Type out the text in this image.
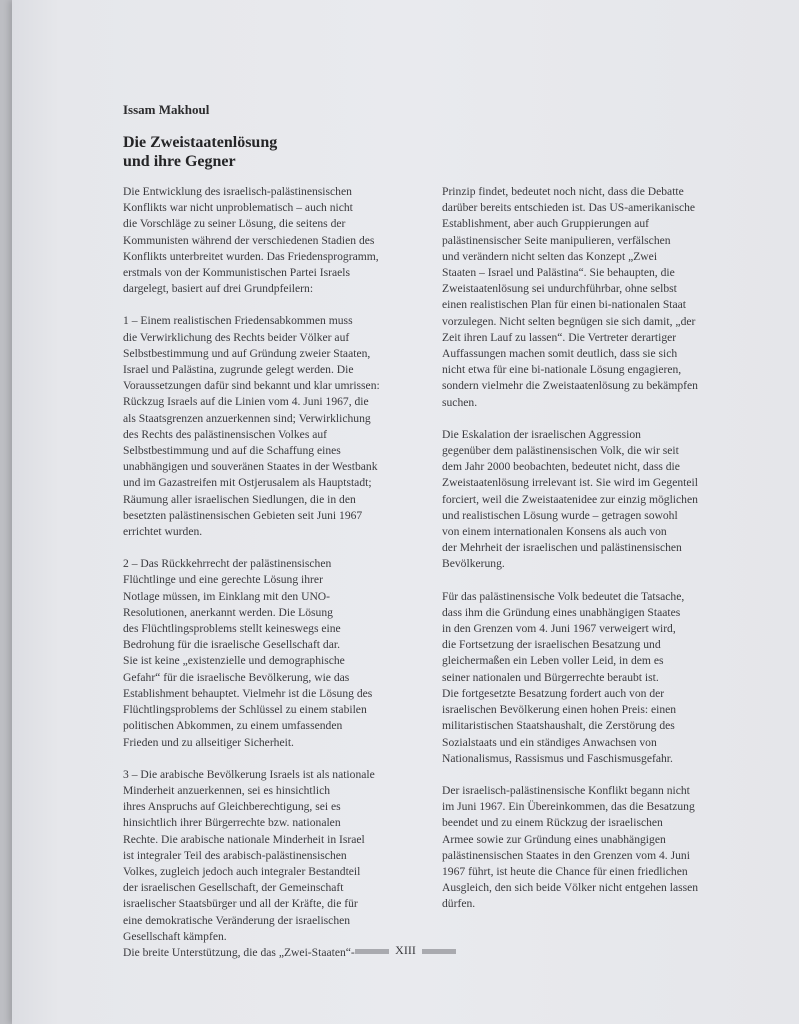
Issam Makhoul
Die Zweistaatenlösung
und ihre Gegner

Die Entwicklung des israelisch-palästinensischen
Konflikts war nicht unproblematisch – auch nicht
die Vorschläge zu seiner Lösung, die seitens der
Kommunisten während der verschiedenen Stadien des
Konflikts unterbreitet wurden. Das Friedensprogramm,
erstmals von der Kommunistischen Partei Israels
dargelegt, basiert auf drei Grundpfeilern:

1 – Einem realistischen Friedensabkommen muss
die Verwirklichung des Rechts beider Völker auf
Selbstbestimmung und auf Gründung zweier Staaten,
Israel und Palästina, zugrunde gelegt werden. Die
Voraussetzungen dafür sind bekannt und klar umrissen:
Rückzug Israels auf die Linien vom 4. Juni 1967, die
als Staatsgrenzen anzuerkennen sind; Verwirklichung
des Rechts des palästinensischen Volkes auf
Selbstbestimmung und auf die Schaffung eines
unabhängigen und souveränen Staates in der Westbank
und im Gazastreifen mit Ostjerusalem als Hauptstadt;
Räumung aller israelischen Siedlungen, die in den
besetzten palästinensischen Gebieten seit Juni 1967
errichtet wurden.

2 – Das Rückkehrrecht der palästinensischen
Flüchtlinge und eine gerechte Lösung ihrer
Notlage müssen, im Einklang mit den UNO-
Resolutionen, anerkannt werden. Die Lösung
des Flüchtlingsproblems stellt keineswegs eine
Bedrohung für die israelische Gesellschaft dar.
Sie ist keine „existenzielle und demographische
Gefahr“ für die israelische Bevölkerung, wie das
Establishment behauptet. Vielmehr ist die Lösung des
Flüchtlingsproblems der Schlüssel zu einem stabilen
politischen Abkommen, zu einem umfassenden
Frieden und zu allseitiger Sicherheit.

3 – Die arabische Bevölkerung Israels ist als nationale
Minderheit anzuerkennen, sei es hinsichtlich
ihres Anspruchs auf Gleichberechtigung, sei es
hinsichtlich ihrer Bürgerrechte bzw. nationalen
Rechte. Die arabische nationale Minderheit in Israel
ist integraler Teil des arabisch-palästinensischen
Volkes, zugleich jedoch auch integraler Bestandteil
der israelischen Gesellschaft, der Gemeinschaft
israelischer Staatsbürger und all der Kräfte, die für
eine demokratische Veränderung der israelischen
Gesellschaft kämpfen.
Die breite Unterstützung, die das „Zwei-Staaten“-

Prinzip findet, bedeutet noch nicht, dass die Debatte
darüber bereits entschieden ist. Das US-amerikanische
Establishment, aber auch Gruppierungen auf
palästinensischer Seite manipulieren, verfälschen
und verändern nicht selten das Konzept „Zwei
Staaten – Israel und Palästina“. Sie behaupten, die
Zweistaatenlösung sei undurchführbar, ohne selbst
einen realistischen Plan für einen bi-nationalen Staat
vorzulegen. Nicht selten begnügen sie sich damit, „der
Zeit ihren Lauf zu lassen“. Die Vertreter derartiger
Auffassungen machen somit deutlich, dass sie sich
nicht etwa für eine bi-nationale Lösung engagieren,
sondern vielmehr die Zweistaatenlösung zu bekämpfen
suchen.

Die Eskalation der israelischen Aggression
gegenüber dem palästinensischen Volk, die wir seit
dem Jahr 2000 beobachten, bedeutet nicht, dass die
Zweistaatenlösung irrelevant ist. Sie wird im Gegenteil
forciert, weil die Zweistaatenidee zur einzig möglichen
und realistischen Lösung wurde – getragen sowohl
von einem internationalen Konsens als auch von
der Mehrheit der israelischen und palästinensischen
Bevölkerung.

Für das palästinensische Volk bedeutet die Tatsache,
dass ihm die Gründung eines unabhängigen Staates
in den Grenzen vom 4. Juni 1967 verweigert wird,
die Fortsetzung der israelischen Besatzung und
gleichermaßen ein Leben voller Leid, in dem es
seiner nationalen und Bürgerrechte beraubt ist.
Die fortgesetzte Besatzung fordert auch von der
israelischen Bevölkerung einen hohen Preis: einen
militaristischen Staatshaushalt, die Zerstörung des
Sozialstaats und ein ständiges Anwachsen von
Nationalismus, Rassismus und Faschismusgefahr.

Der israelisch-palästinensische Konflikt begann nicht
im Juni 1967. Ein Übereinkommen, das die Besatzung
beendet und zu einem Rückzug der israelischen
Armee sowie zur Gründung eines unabhängigen
palästinensischen Staates in den Grenzen vom 4. Juni
1967 führt, ist heute die Chance für einen friedlichen
Ausgleich, den sich beide Völker nicht entgehen lassen
dürfen.

XIII
